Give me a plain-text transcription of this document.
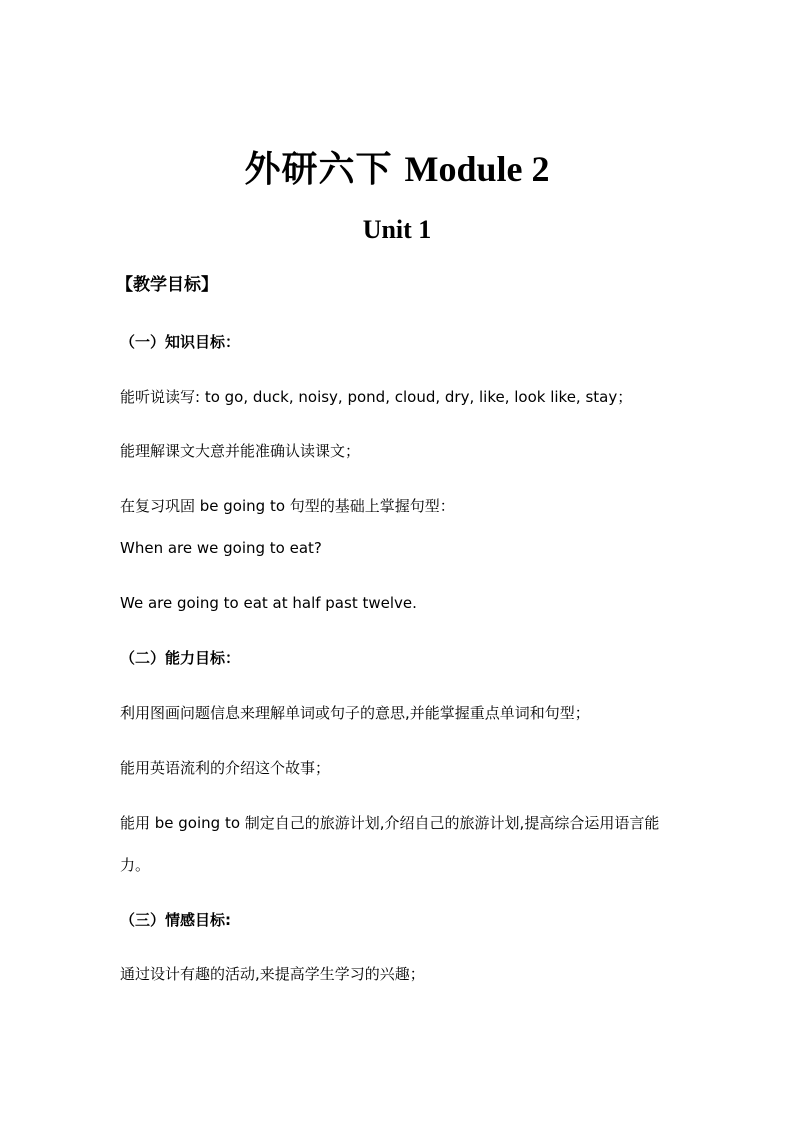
外研六下 Module 2
Unit 1
【教学目标】
（一）知识目标：
能听说读写: to go, duck, noisy, pond, cloud, dry, like, look like, stay；
能理解课文大意并能准确认读课文；
在复习巩固 be going to 句型的基础上掌握句型：
When are we going to eat?
We are going to eat at half past twelve.
（二）能力目标：
利用图画问题信息来理解单词或句子的意思,并能掌握重点单词和句型；
能用英语流利的介绍这个故事；
能用 be going to 制定自己的旅游计划,介绍自己的旅游计划,提高综合运用语言能力。
（三）情感目标:
通过设计有趣的活动,来提高学生学习的兴趣；
